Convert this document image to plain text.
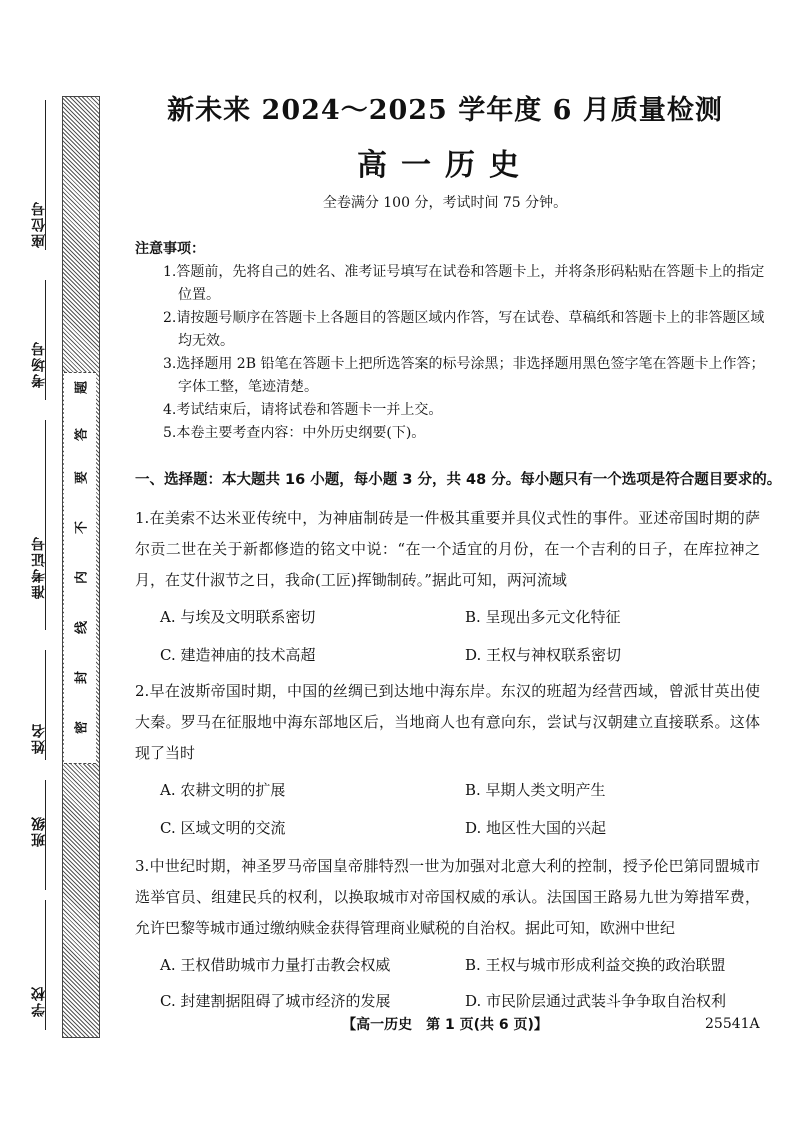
座位号
考场号
准考证号
姓名
班级
学校
密
封
线
内
不
要
答
题
新未来 2024～2025 学年度 6 月质量检测
高一历史
全卷满分 100 分，考试时间 75 分钟。
注意事项：
1.答题前，先将自己的姓名、准考证号填写在试卷和答题卡上，并将条形码粘贴在答题卡上的指定位置。
2.请按题号顺序在答题卡上各题目的答题区域内作答，写在试卷、草稿纸和答题卡上的非答题区域均无效。
3.选择题用 2B 铅笔在答题卡上把所选答案的标号涂黑；非选择题用黑色签字笔在答题卡上作答；字体工整，笔迹清楚。
4.考试结束后，请将试卷和答题卡一并上交。
5.本卷主要考查内容：中外历史纲要(下)。
一、选择题：本大题共 16 小题，每小题 3 分，共 48 分。每小题只有一个选项是符合题目要求的。
1.在美索不达米亚传统中，为神庙制砖是一件极其重要并具仪式性的事件。亚述帝国时期的萨尔贡二世在关于新都修造的铭文中说：“在一个适宜的月份，在一个吉利的日子，在库拉神之月，在艾什淑节之日，我命(工匠)挥锄制砖。”据此可知，两河流域
A. 与埃及文明联系密切	B. 呈现出多元文化特征
C. 建造神庙的技术高超	D. 王权与神权联系密切
2.早在波斯帝国时期，中国的丝绸已到达地中海东岸。东汉的班超为经营西域，曾派甘英出使大秦。罗马在征服地中海东部地区后，当地商人也有意向东，尝试与汉朝建立直接联系。这体现了当时
A. 农耕文明的扩展	B. 早期人类文明产生
C. 区域文明的交流	D. 地区性大国的兴起
3.中世纪时期，神圣罗马帝国皇帝腓特烈一世为加强对北意大利的控制，授予伦巴第同盟城市选举官员、组建民兵的权利，以换取城市对帝国权威的承认。法国国王路易九世为筹措军费，允许巴黎等城市通过缴纳赎金获得管理商业赋税的自治权。据此可知，欧洲中世纪
A. 王权借助城市力量打击教会权威	B. 王权与城市形成利益交换的政治联盟
C. 封建割据阻碍了城市经济的发展	D. 市民阶层通过武装斗争争取自治权利
【高一历史　第 1 页(共 6 页)】	25541A
